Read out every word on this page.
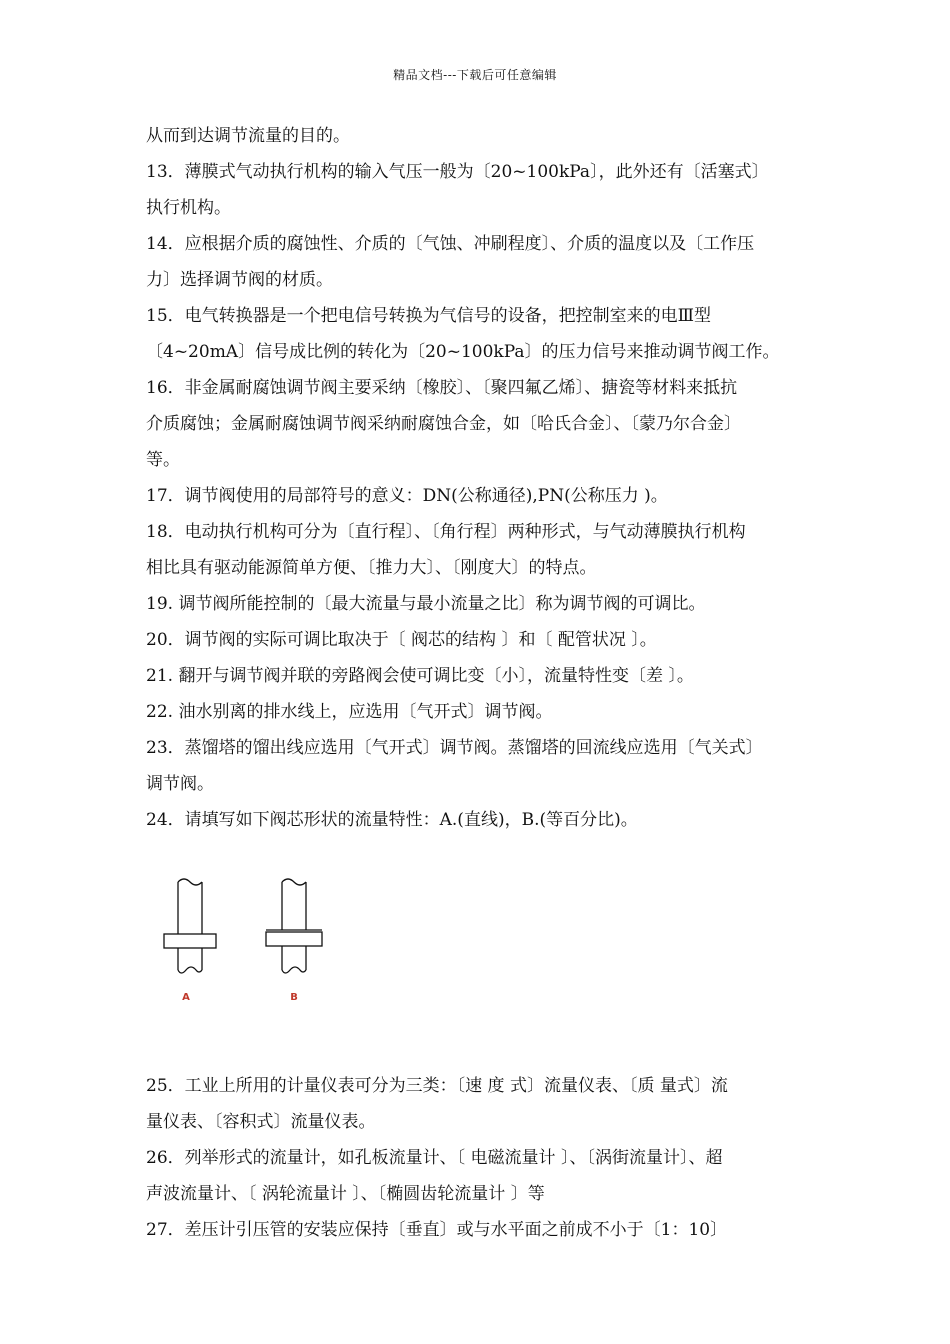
精品文档---下载后可任意编辑
从而到达调节流量的目的。
13．薄膜式气动执行机构的输入气压一般为〔20~100kPa〕，此外还有〔活塞式〕
执行机构。
14．应根据介质的腐蚀性、介质的〔气蚀、冲刷程度〕、介质的温度以及〔工作压
力〕选择调节阀的材质。
15．电气转换器是一个把电信号转换为气信号的设备，把控制室来的电Ⅲ型
〔4~20mA〕信号成比例的转化为〔20~100kPa〕的压力信号来推动调节阀工作。
16．非金属耐腐蚀调节阀主要采纳〔橡胶〕、〔聚四氟乙烯〕、搪瓷等材料来抵抗
介质腐蚀；金属耐腐蚀调节阀采纳耐腐蚀合金，如〔哈氏合金〕、〔蒙乃尔合金〕
等。
17．调节阀使用的局部符号的意义：DN(公称通径),PN(公称压力 )。
18．电动执行机构可分为〔直行程〕、〔角行程〕两种形式，与气动薄膜执行机构
相比具有驱动能源简单方便、〔推力大〕、〔刚度大〕的特点。
19. 调节阀所能控制的〔最大流量与最小流量之比〕称为调节阀的可调比。
20．调节阀的实际可调比取决于〔 阀芯的结构 〕和〔 配管状况 〕。
21. 翻开与调节阀并联的旁路阀会使可调比变〔小〕，流量特性变〔差 〕。
22. 油水别离的排水线上，应选用〔气开式〕调节阀。
23．蒸馏塔的馏出线应选用〔气开式〕调节阀。蒸馏塔的回流线应选用〔气关式〕
调节阀。
24．请填写如下阀芯形状的流量特性：A.(直线)，B.(等百分比)。
25．工业上所用的计量仪表可分为三类：〔速 度 式〕流量仪表、〔质 量式〕流
量仪表、〔容积式〕流量仪表。
26．列举形式的流量计，如孔板流量计、〔 电磁流量计 〕、〔涡街流量计〕、超
声波流量计、〔 涡轮流量计 〕、〔椭圆齿轮流量计 〕等
27．差压计引压管的安装应保持〔垂直〕或与水平面之前成不小于〔1：10〕
A	B
